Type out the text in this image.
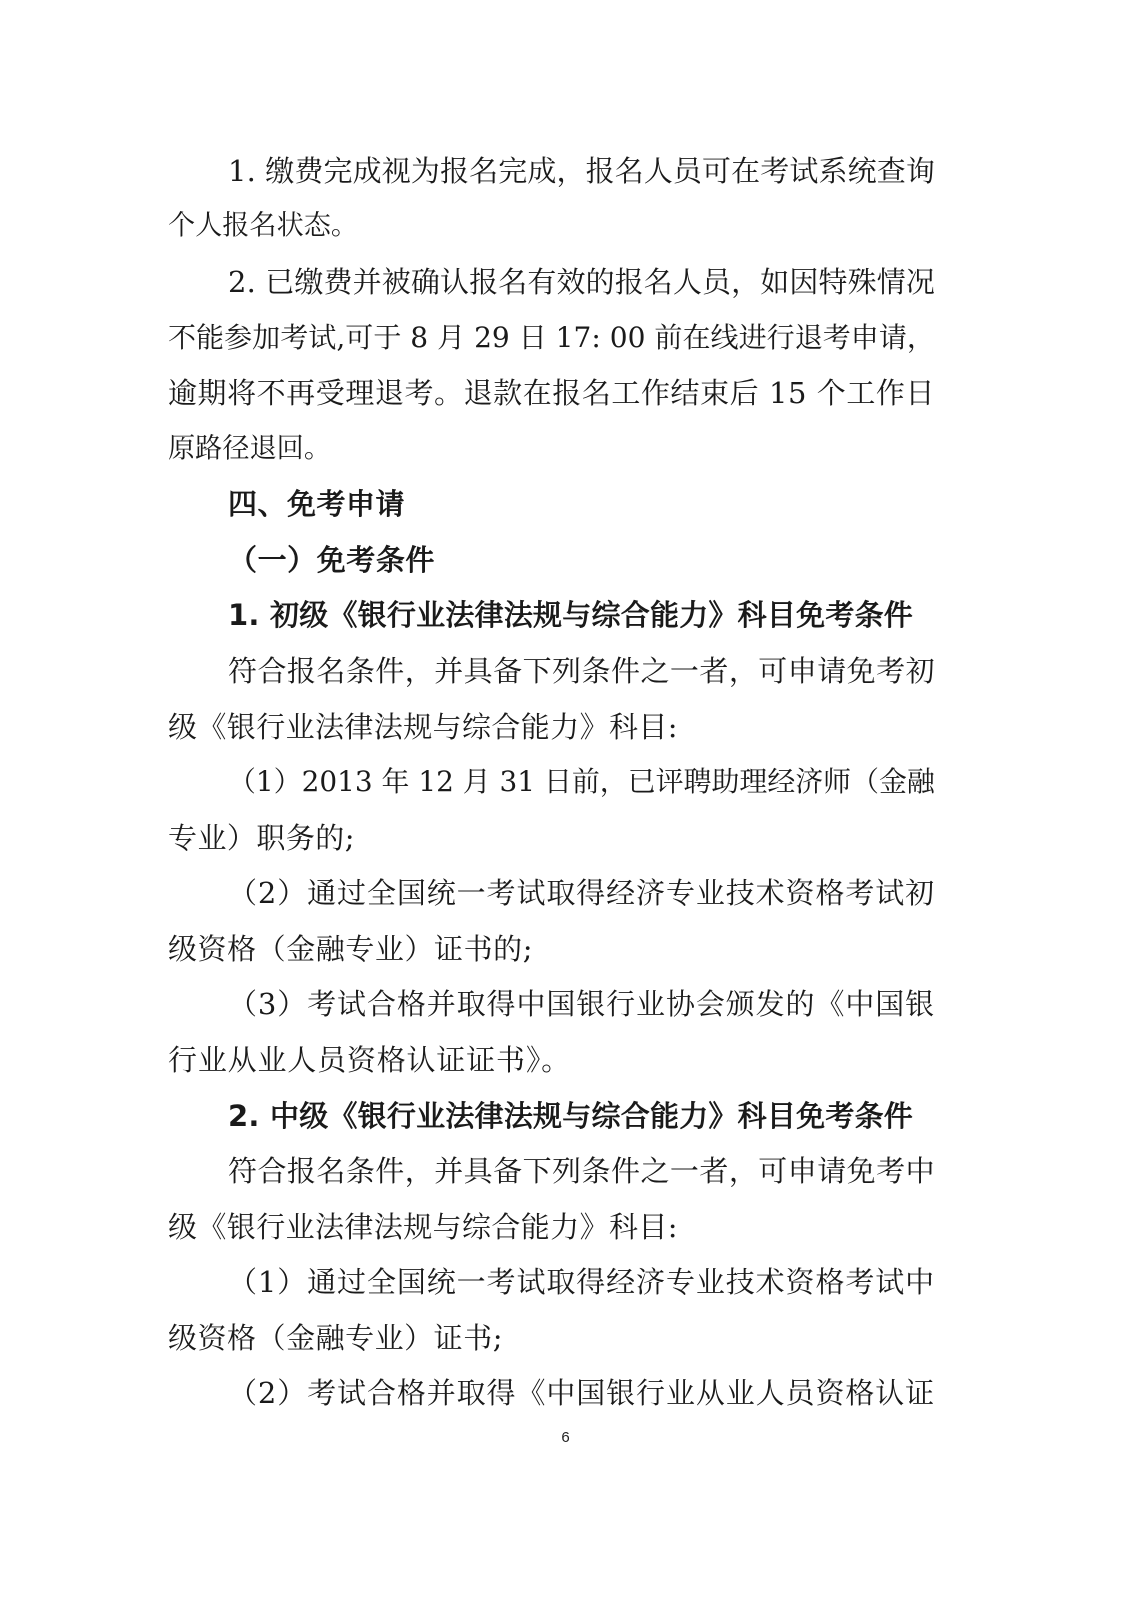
1. 缴费完成视为报名完成，报名人员可在考试系统查询
个人报名状态。
2. 已缴费并被确认报名有效的报名人员，如因特殊情况
不能参加考试,可于 8 月 29 日 17: 00 前在线进行退考申请，
逾期将不再受理退考。退款在报名工作结束后 15 个工作日
原路径退回。
四、免考申请
（一）免考条件
1. 初级《银行业法律法规与综合能力》科目免考条件
符合报名条件，并具备下列条件之一者，可申请免考初
级《银行业法律法规与综合能力》科目:
（1）2013 年 12 月 31 日前，已评聘助理经济师（金融
专业）职务的;
（2）通过全国统一考试取得经济专业技术资格考试初
级资格（金融专业）证书的;
（3）考试合格并取得中国银行业协会颁发的《中国银
行业从业人员资格认证证书》。
2. 中级《银行业法律法规与综合能力》科目免考条件
符合报名条件，并具备下列条件之一者，可申请免考中
级《银行业法律法规与综合能力》科目:
（1）通过全国统一考试取得经济专业技术资格考试中
级资格（金融专业）证书;
（2）考试合格并取得《中国银行业从业人员资格认证
6
